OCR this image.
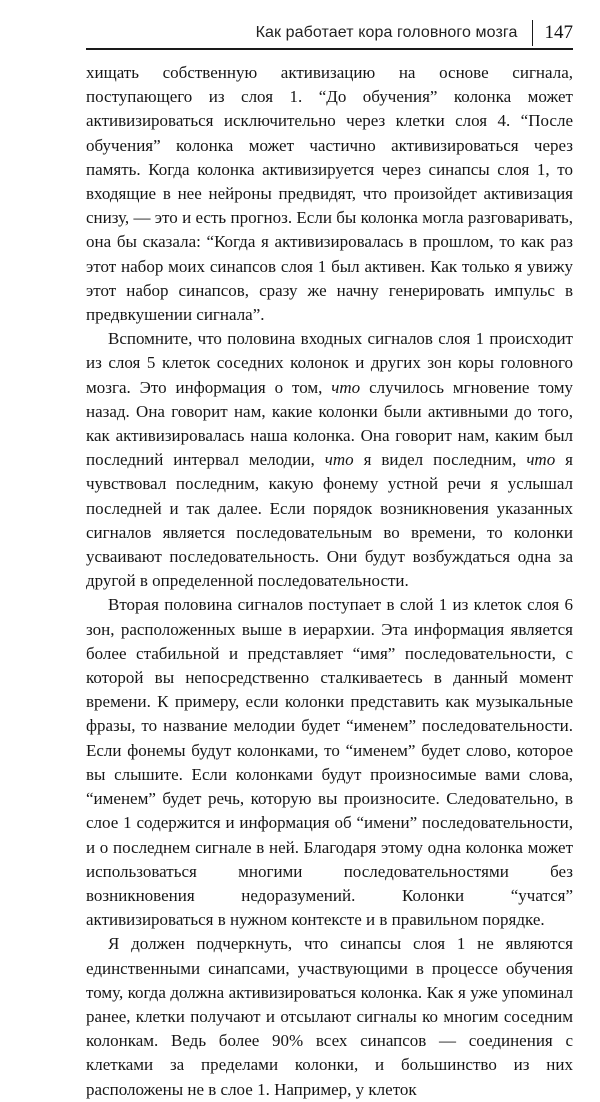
Как работает кора головного мозга 147

хищать собственную активизацию на основе сигнала, поступающего из слоя 1. “До обучения” колонка может активизироваться исключительно через клетки слоя 4. “После обучения” колонка может частично активизироваться через память. Когда колонка активизируется через синапсы слоя 1, то входящие в нее нейроны предвидят, что произойдет активизация снизу, — это и есть прогноз. Если бы колонка могла разговаривать, она бы сказала: “Когда я активизировалась в прошлом, то как раз этот набор моих синапсов слоя 1 был активен. Как только я увижу этот набор синапсов, сразу же начну генерировать импульс в предвкушении сигнала”.

Вспомните, что половина входных сигналов слоя 1 происходит из слоя 5 клеток соседних колонок и других зон коры головного мозга. Это информация о том, что случилось мгновение тому назад. Она говорит нам, какие колонки были активными до того, как активизировалась наша колонка. Она говорит нам, каким был последний интервал мелодии, что я видел последним, что я чувствовал последним, какую фонему устной речи я услышал последней и так далее. Если порядок возникновения указанных сигналов является последовательным во времени, то колонки усваивают последовательность. Они будут возбуждаться одна за другой в определенной последовательности.

Вторая половина сигналов поступает в слой 1 из клеток слоя 6 зон, расположенных выше в иерархии. Эта информация является более стабильной и представляет “имя” последовательности, с которой вы непосредственно сталкиваетесь в данный момент времени. К примеру, если колонки представить как музыкальные фразы, то название мелодии будет “именем” последовательности. Если фонемы будут колонками, то “именем” будет слово, которое вы слышите. Если колонками будут произносимые вами слова, “именем” будет речь, которую вы произносите. Следовательно, в слое 1 содержится и информация об “имени” последовательности, и о последнем сигнале в ней. Благодаря этому одна колонка может использоваться многими последовательностями без возникновения недоразумений. Колонки “учатся” активизироваться в нужном контексте и в правильном порядке.

Я должен подчеркнуть, что синапсы слоя 1 не являются единственными синапсами, участвующими в процессе обучения тому, когда должна активизироваться колонка. Как я уже упоминал ранее, клетки получают и отсылают сигналы ко многим соседним колонкам. Ведь более 90% всех синапсов — соединения с клетками за пределами колонки, и большинство из них расположены не в слое 1. Например, у клеток
